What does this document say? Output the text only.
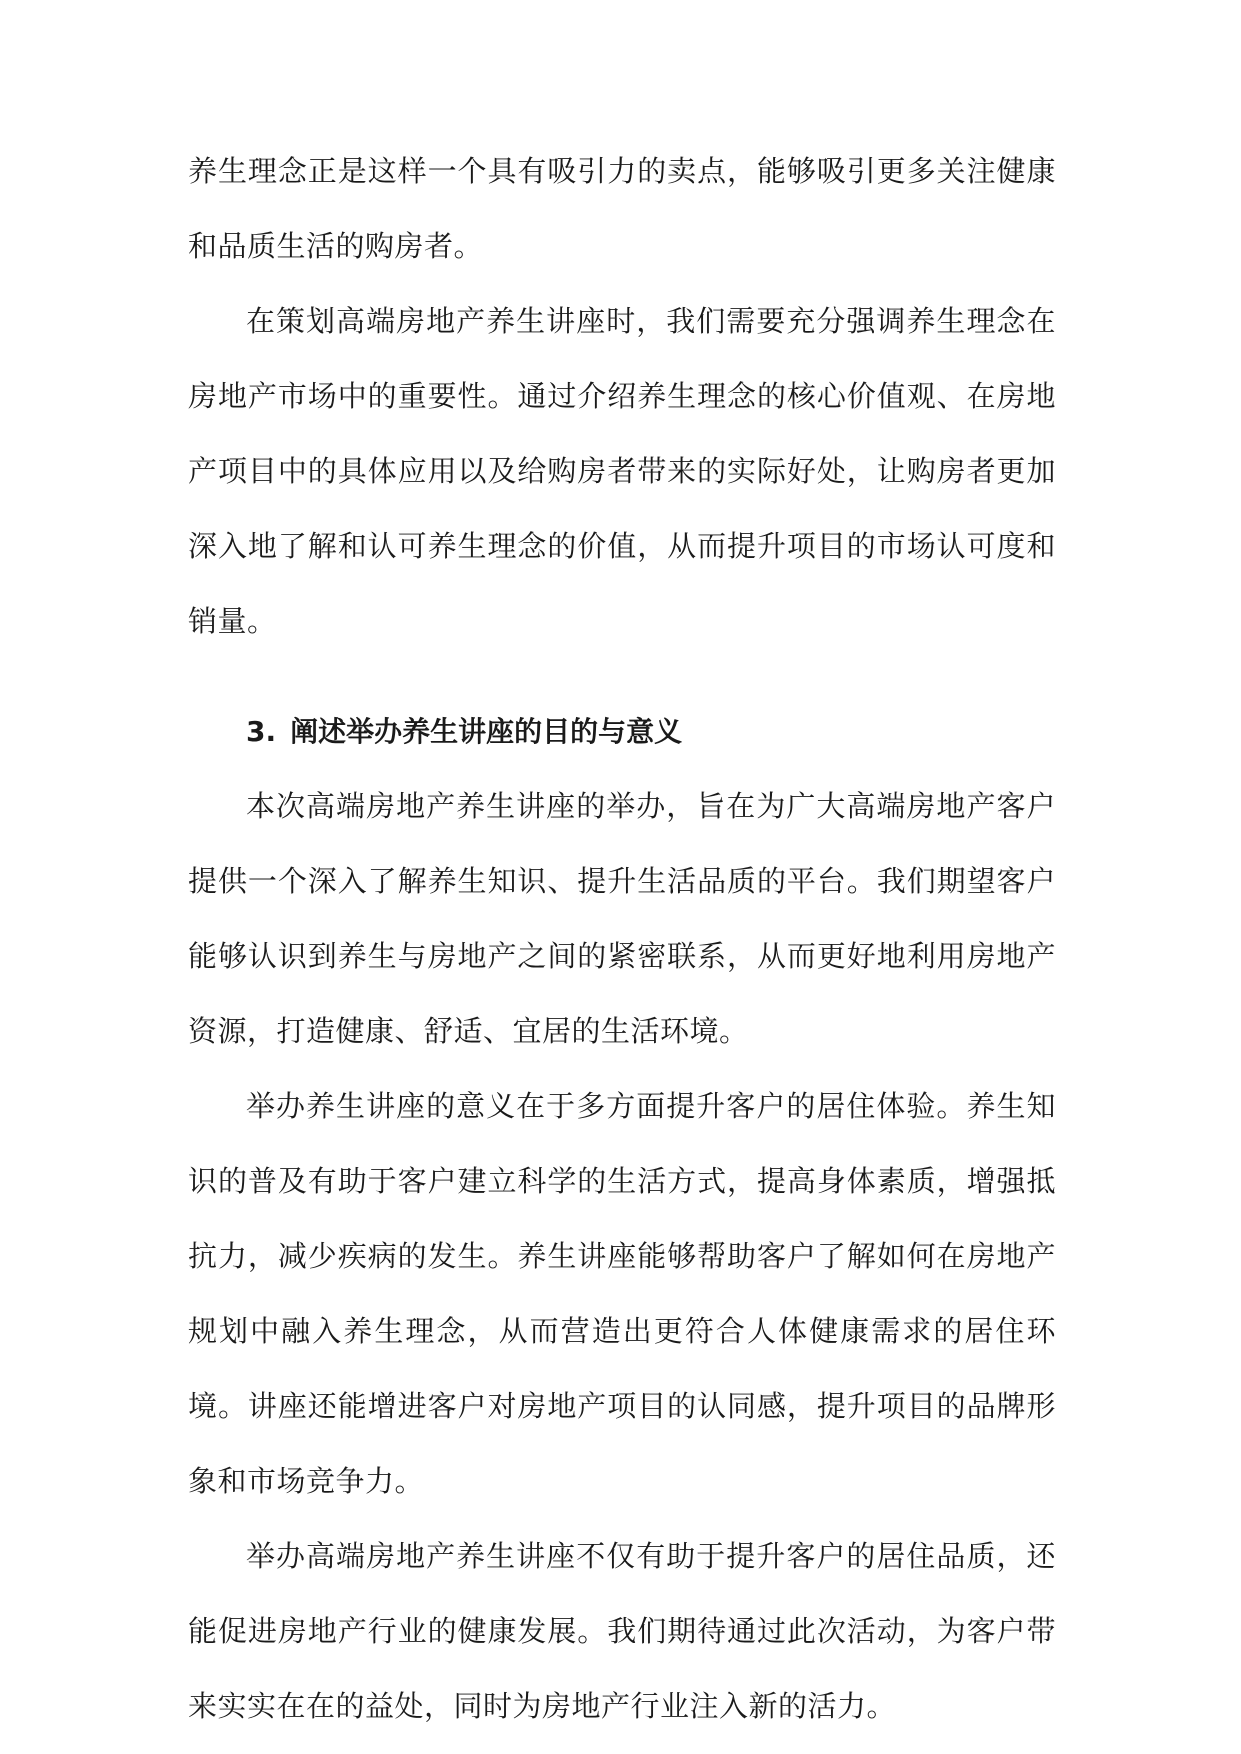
养生理念正是这样一个具有吸引力的卖点，能够吸引更多关注健康和品质生活的购房者。

在策划高端房地产养生讲座时，我们需要充分强调养生理念在房地产市场中的重要性。通过介绍养生理念的核心价值观、在房地产项目中的具体应用以及给购房者带来的实际好处，让购房者更加深入地了解和认可养生理念的价值，从而提升项目的市场认可度和销量。

3. 阐述举办养生讲座的目的与意义

本次高端房地产养生讲座的举办，旨在为广大高端房地产客户提供一个深入了解养生知识、提升生活品质的平台。我们期望客户能够认识到养生与房地产之间的紧密联系，从而更好地利用房地产资源，打造健康、舒适、宜居的生活环境。

举办养生讲座的意义在于多方面提升客户的居住体验。养生知识的普及有助于客户建立科学的生活方式，提高身体素质，增强抵抗力，减少疾病的发生。养生讲座能够帮助客户了解如何在房地产规划中融入养生理念，从而营造出更符合人体健康需求的居住环境。讲座还能增进客户对房地产项目的认同感，提升项目的品牌形象和市场竞争力。

举办高端房地产养生讲座不仅有助于提升客户的居住品质，还能促进房地产行业的健康发展。我们期待通过此次活动，为客户带来实实在在的益处，同时为房地产行业注入新的活力。
